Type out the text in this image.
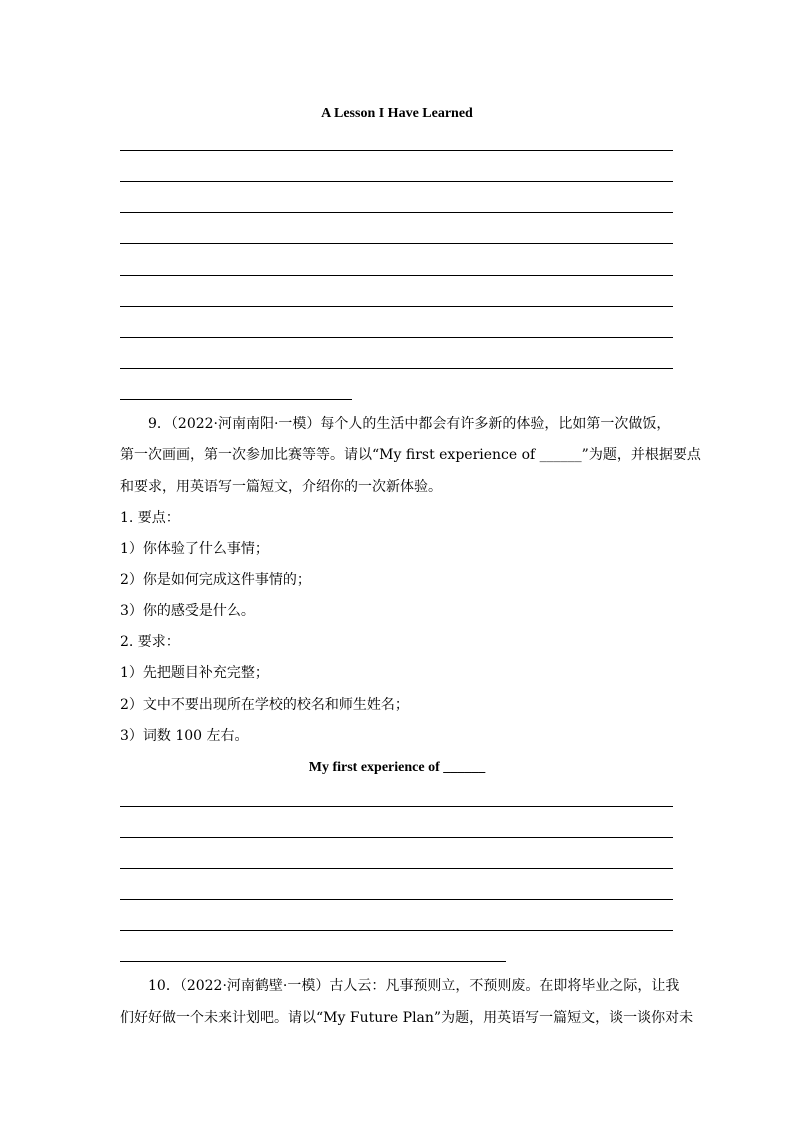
A Lesson I Have Learned
9．（2022·河南南阳·一模）每个人的生活中都会有许多新的体验，比如第一次做饭，
第一次画画，第一次参加比赛等等。请以“My first experience of ______”为题，并根据要点
和要求，用英语写一篇短文，介绍你的一次新体验。
1. 要点：
1）你体验了什么事情；
2）你是如何完成这件事情的；
3）你的感受是什么。
2. 要求：
1）先把题目补充完整；
2）文中不要出现所在学校的校名和师生姓名；
3）词数 100 左右。
My first experience of ______
10．（2022·河南鹤壁·一模）古人云：凡事预则立，不预则废。在即将毕业之际，让我
们好好做一个未来计划吧。请以“My Future Plan”为题，用英语写一篇短文，谈一谈你对未
